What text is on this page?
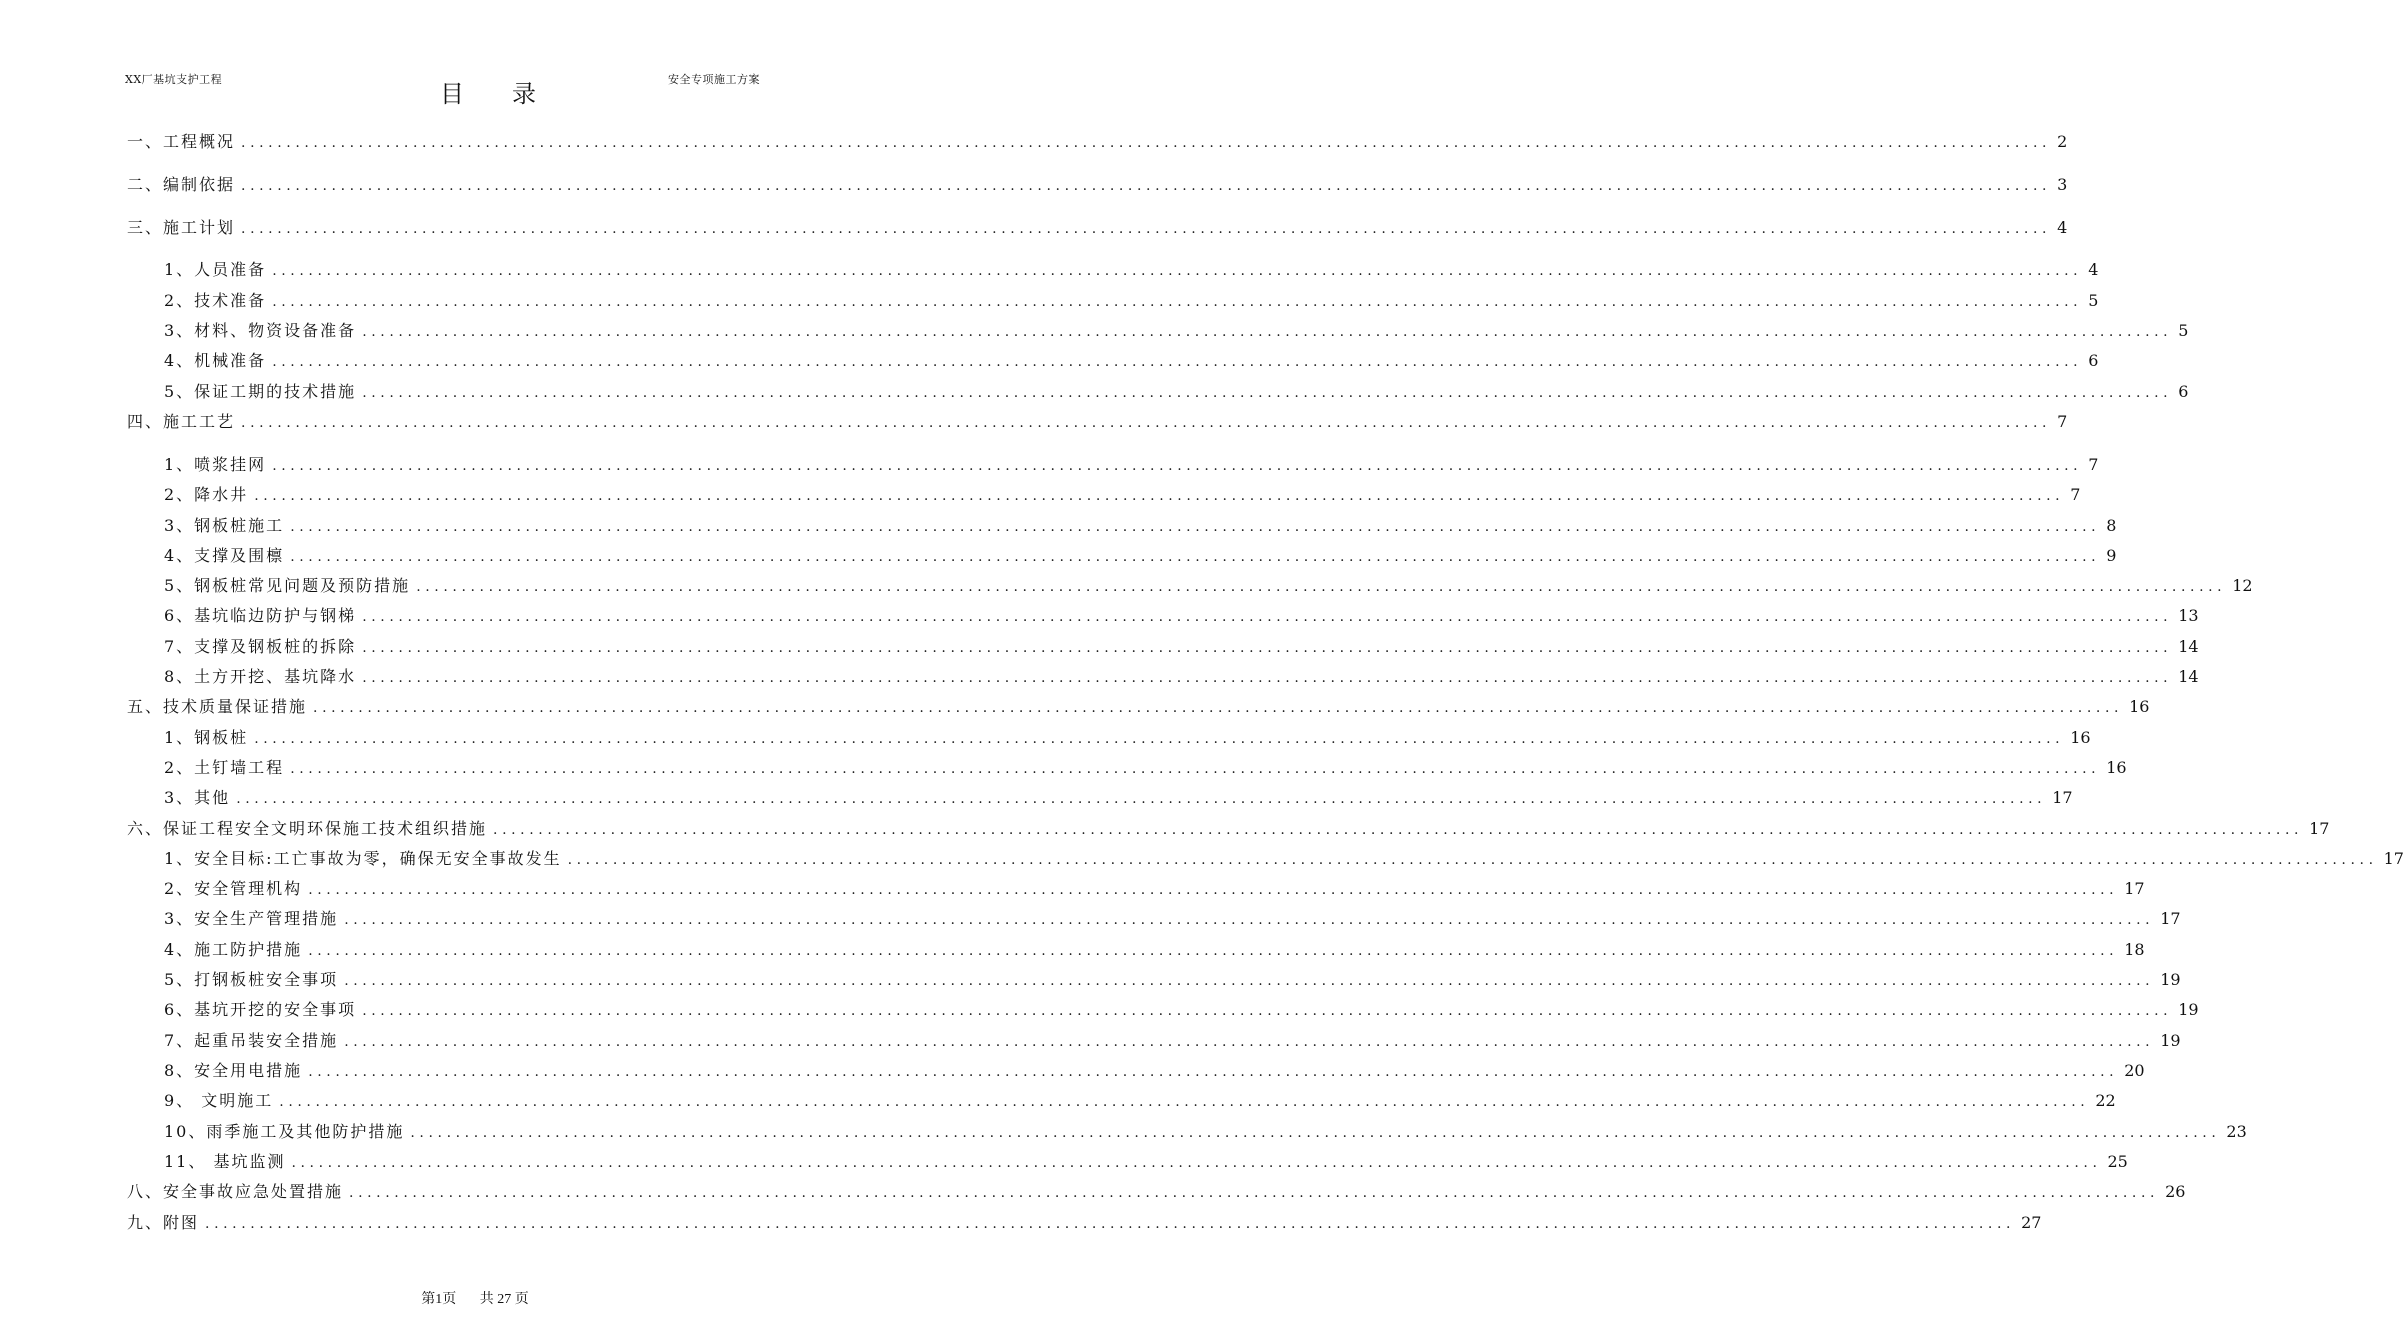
XX厂基坑支护工程
目录
安全专项施工方案
一、工程概况 ........................................................................................................................................................................................................ 2
二、编制依据 ........................................................................................................................................................................................................ 3
三、施工计划 ........................................................................................................................................................................................................ 4
1、人员准备 ........................................................................................................................................................................................................ 4
2、技术准备 ........................................................................................................................................................................................................ 5
3、材料、物资设备准备 ........................................................................................................................................................................................................ 5
4、机械准备 ........................................................................................................................................................................................................ 6
5、保证工期的技术措施 ........................................................................................................................................................................................................ 6
四、施工工艺 ........................................................................................................................................................................................................ 7
1、喷浆挂网 ........................................................................................................................................................................................................ 7
2、降水井 ........................................................................................................................................................................................................ 7
3、钢板桩施工 ........................................................................................................................................................................................................ 8
4、支撑及围檩 ........................................................................................................................................................................................................ 9
5、钢板桩常见问题及预防措施 ........................................................................................................................................................................................................ 12
6、基坑临边防护与钢梯 ........................................................................................................................................................................................................ 13
7、支撑及钢板桩的拆除 ........................................................................................................................................................................................................ 14
8、土方开挖、基坑降水 ........................................................................................................................................................................................................ 14
五、技术质量保证措施 ........................................................................................................................................................................................................ 16
1、钢板桩 ........................................................................................................................................................................................................ 16
2、土钉墙工程 ........................................................................................................................................................................................................ 16
3、其他 ........................................................................................................................................................................................................ 17
六、保证工程安全文明环保施工技术组织措施 ........................................................................................................................................................................................................ 17
1、安全目标:工亡事故为零，确保无安全事故发生 ........................................................................................................................................................................................................ 17
2、安全管理机构 ........................................................................................................................................................................................................ 17
3、安全生产管理措施 ........................................................................................................................................................................................................ 17
4、施工防护措施 ........................................................................................................................................................................................................ 18
5、打钢板桩安全事项 ........................................................................................................................................................................................................ 19
6、基坑开挖的安全事项 ........................................................................................................................................................................................................ 19
7、起重吊装安全措施 ........................................................................................................................................................................................................ 19
8、安全用电措施 ........................................................................................................................................................................................................ 20
9、 文明施工 ........................................................................................................................................................................................................ 22
10、雨季施工及其他防护措施 ........................................................................................................................................................................................................ 23
11、 基坑监测 ........................................................................................................................................................................................................ 25
八、安全事故应急处置措施 ........................................................................................................................................................................................................ 26
九、附图 ........................................................................................................................................................................................................ 27
第1页 共 27 页
